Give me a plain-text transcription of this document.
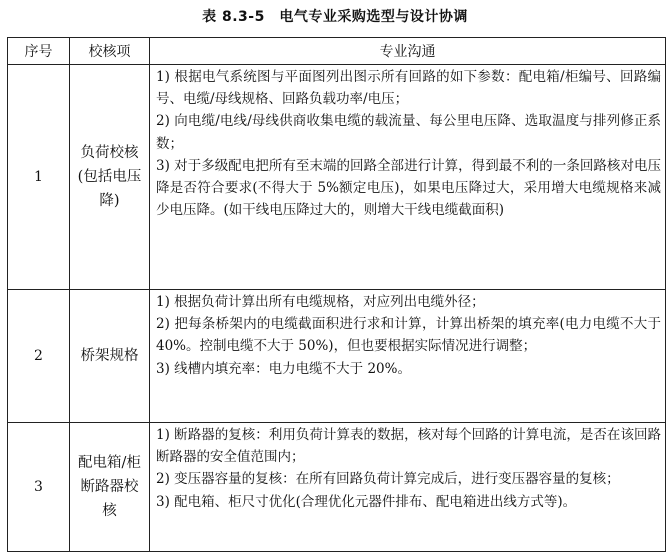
表 8.3-5　电气专业采购选型与设计协调
序号	校核项	专业沟通
1	负荷校核(包括电压降)	1) 根据电气系统图与平面图列出图示所有回路的如下参数：配电箱/柜编号、回路编号、电缆/母线规格、回路负载功率/电压；

2) 向电缆/电线/母线供商收集电缆的载流量、每公里电压降、选取温度与排列修正系数；

3) 对于多级配电把所有至末端的回路全部进行计算，得到最不利的一条回路核对电压降是否符合要求(不得大于 5%额定电压)，如果电压降过大，采用增大电缆规格来减少电压降。(如干线电压降过大的，则增大干线电缆截面积)

2	桥架规格	1) 根据负荷计算出所有电缆规格，对应列出电缆外径；

2) 把每条桥架内的电缆截面积进行求和计算，计算出桥架的填充率(电力电缆不大于 40%。控制电缆不大于 50%)，但也要根据实际情况进行调整；

3) 线槽内填充率：电力电缆不大于 20%。

3	配电箱/柜断路器校核	1) 断路器的复核：利用负荷计算表的数据，核对每个回路的计算电流，是否在该回路断路器的安全值范围内；

2) 变压器容量的复核：在所有回路负荷计算完成后，进行变压器容量的复核；

3) 配电箱、柜尺寸优化(合理优化元器件排布、配电箱进出线方式等)。
